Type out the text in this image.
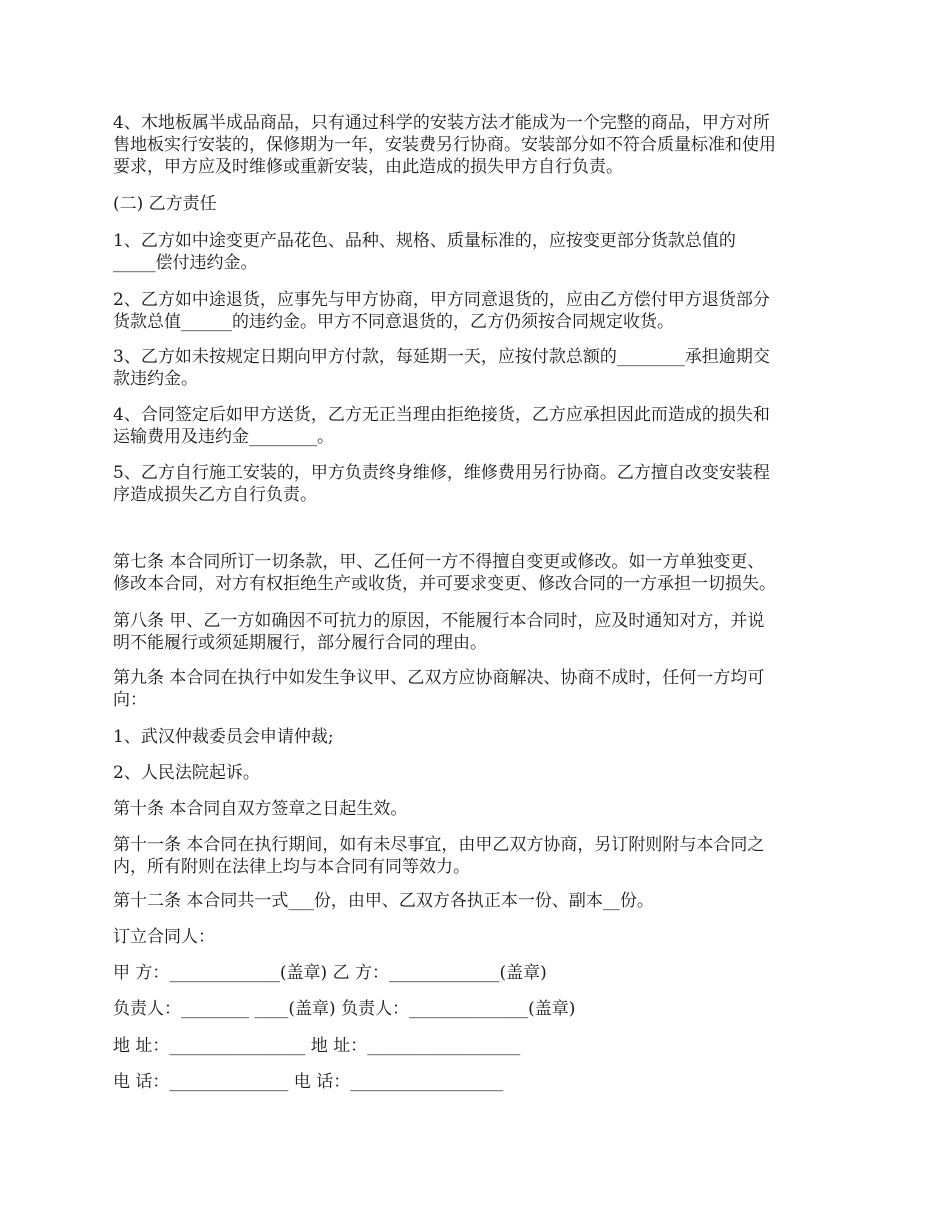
4、木地板属半成品商品，只有通过科学的安装方法才能成为一个完整的商品，甲方对所
售地板实行安装的，保修期为一年，安装费另行协商。安装部分如不符合质量标准和使用
要求，甲方应及时维修或重新安装，由此造成的损失甲方自行负责。
(二) 乙方责任
1、乙方如中途变更产品花色、品种、规格、质量标准的，应按变更部分货款总值的
_____偿付违约金。
2、乙方如中途退货，应事先与甲方协商，甲方同意退货的，应由乙方偿付甲方退货部分
货款总值______的违约金。甲方不同意退货的，乙方仍须按合同规定收货。
3、乙方如未按规定日期向甲方付款，每延期一天，应按付款总额的________承担逾期交
款违约金。
4、合同签定后如甲方送货，乙方无正当理由拒绝接货，乙方应承担因此而造成的损失和
运输费用及违约金________。
5、乙方自行施工安装的，甲方负责终身维修，维修费用另行协商。乙方擅自改变安装程
序造成损失乙方自行负责。
第七条 本合同所订一切条款，甲、乙任何一方不得擅自变更或修改。如一方单独变更、
修改本合同，对方有权拒绝生产或收货，并可要求变更、修改合同的一方承担一切损失。
第八条 甲、乙一方如确因不可抗力的原因，不能履行本合同时，应及时通知对方，并说
明不能履行或须延期履行，部分履行合同的理由。
第九条 本合同在执行中如发生争议甲、乙双方应协商解决、协商不成时，任何一方均可
向：
1、武汉仲裁委员会申请仲裁;
2、人民法院起诉。
第十条 本合同自双方签章之日起生效。
第十一条 本合同在执行期间，如有未尽事宜，由甲乙双方协商，另订附则附与本合同之
内，所有附则在法律上均与本合同有同等效力。
第十二条 本合同共一式___份，由甲、乙双方各执正本一份、副本__份。
订立合同人：
甲 方：_____________(盖章) 乙 方：_____________(盖章)
负责人：________ ____(盖章) 负责人：______________(盖章)
地 址：________________ 地 址：__________________
电 话：______________ 电 话：__________________
